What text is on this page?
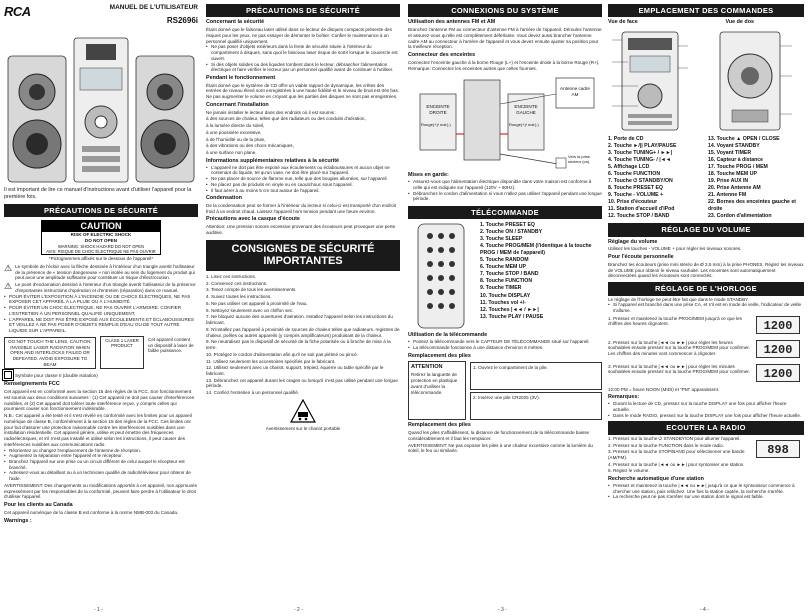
RCA	MANUEL DE L'UTILISATEUR
RS2696i
Il est important de lire ce manuel d'instructions avant d'utiliser l'appareil pour la première fois.
PRÉCAUTIONS DE SÉCURITÉ
CAUTION
RISK OF ELECTRIC SHOCK
DO NOT OPEN
WARNING: SHOCK HAZARD DO NOT OPEN
AVIS: RISQUE DE CHOC ÉLECTRIQUE NE PAS OUVRIR
*Pictogrammes affixés sur le dessous de l'appareil*
⚠ Le symbole de l'éclair avec la flèche dessinée à l'intérieur d'un triangle avertit l'utilisateur de la présence de « tension dangereuse » non isolée au sein du logement du produit qui peut avoir une amplitude suffisante pour constituer un risque d'électrocution.
⚠ Le point d'exclamation dessiné à l'intérieur d'un triangle avertit l'utilisateur de la présence d'importantes instructions d'opération et d'entretien (réparation) dans ce manuel.
• POUR ÉVITER L'EXPOSITION À L'INCENDIE OU DE CHOCS ÉLECTRIQUES, NE PAS EXPOSER CET APPAREIL À LA PLUIE OU À L'HUMIDITÉ.
• POUR ÉVITER UN CHOC ÉLECTRIQUE, NE PAS OUVRIR L'ARMOIRE. CONFIER L'ENTRETIEN À UN PERSONNEL QUALIFIÉ UNIQUEMENT.
• L'APPAREIL NE DOIT PAS ÊTRE EXPOSÉ AUX ÉCOULEMENTS ET ÉCLABOUSSURES ET VEILLEZ À NE PAS POSER D'OBJETS REMPLIS D'EAU OU DE TOUT AUTRE LIQUIDE SUR L'APPAREIL.
DO NOT TOUCH THE LENS. CAUTION: INVISIBLE LASER RADIATION WHEN OPEN AND INTERLOCKS FAILED OR DEFEATED. AVOID EXPOSURE TO BEAM
CLASS 1 LASER PRODUCT
Cet appareil contient un dispositif à laser de faible puissance.
Symbole pour classe II (double isolation)
Renseignements FCC
Cet appareil est en conformité avec la section 15 des règles de la FCC. Son fonctionnement est soumis aux deux conditions suivantes : (1) Cet appareil ne doit pas causer d'interférences nuisibles, et (2) Cet appareil doit tolérer toute interférence reçue, y compris celles qui pourraient causer son fonctionnement indésirable.
N.B.: Cet appareil a été testé et il s'est révélé en conformité avec les limites pour un appareil numérique de classe B, conformément à la section 15 des règles de la FCC. Ces limites ont pour but d'assurer une protection raisonnable contre les interférences nuisibles dans une installation résidentielle. Cet appareil génère, utilise et peut émettre des fréquences radioélectriques, et s'il n'est pas installé et utilisé selon les instructions, il peut causer des interférences nuisibles aux communications radio.
• Réorientez ou changez l'emplacement de l'antenne de réception.
• Augmentez la séparation entre l'appareil et le récepteur.
• Branchez l'appareil sur une prise ou un circuit différent de celui auquel le récepteur est branché.
• Adressez-vous au détaillant ou à un technicien qualifié de radio/téléviseur pour obtenir de l'aide.
AVERTISSEMENT: Des changements ou modifications apportés à cet appareil, non approuvés expressément par les responsables de la conformité, peuvent faire perdre à l'utilisateur le droit d'utiliser l'appareil.
Pour les clients au Canada
Cet appareil numérique de la classe B est conforme à la norme NMB-003 du Canada.
Warnings :
- 1 -
PRÉCAUTIONS DE SÉCURITÉ
Concernant la sécurité
Étant donné que le faisceau laser utilisé dans ce lecteur de disques compacts présente des risques pour les yeux, ne pas essayer de démonter le boîtier. Confier le maintenance à un personnel qualifié uniquement.
• Ne pas poser d'objets extérieurs dans la fente de sécurité située à l'intérieur du compartiment à disques, sans quoi le faisceau laser risque de sortir lorsque le couvercle est ouvert.
• Si des objets solides ou des liquides tombent dans le lecteur, débrancher l'alimentation électrique et faire vérifier le lecteur par un personnel qualifié avant de continuer à l'utiliser.
Pendant le fonctionnement
Étant donné que le système de CD offre un viable rapport de dynamique, les crêtes des entrées de niveau élevé sont enregistrées à une haute fidélité et le niveau de bruit est très bas. Ne pas augmenter le volume en croyant que les parties des disques ne sont pas enregistrées.
Concernant l'installation
Ne jamais installer le lecteur dans des endroits où il est soumis :
à des sources de chaleur, telles que des radiateurs ou des conduits d'aération,
à la lumière directe du soleil,
à une poussière excessive,
à de l'humidité ou de la pluie,
à des vibrations ou des chocs mécaniques,
à une surface non plane.
Informations supplémentaires relatives à la sécurité
• L'appareil ne doit pas être exposé aux écoulements ou éclaboussures et aucun objet ne contenant du liquide, tel qu'un vase, ne doit être placé sur l'appareil.
• Ne pas placer de source de flamme nue, telle que des bougies allumées, sur l'appareil.
• Ne placez pas de produits en vinyle ou en caoutchouc sous l'appareil.
• Il faut aérer à au moins 5 cm tout autour de l'appareil.
Condensation
De la condensation peut se former à l'intérieur du lecteur si celui-ci est transporté d'un endroit froid à un endroit chaud. Laissez l'appareil hors tension pendant une heure environ.
Précautions avec la casque d'écoute
Attention: Une pression sonore excessive provenant des écouteurs peut provoquer une perte auditive.
CONSIGNES DE SÉCURITÉ IMPORTANTES
1. Lisez ces instructions.
2. Conservez ces instructions.
3. Tenez compte de tous les avertissements.
4. Suivez toutes les instructions.
5. Ne pas utiliser cet appareil à proximité de l'eau.
6. Nettoyez seulement avec un chiffon sec.
7. Ne bloquez aucune des ouvertures d'aération. Installez l'appareil selon les instructions du fabricant.
8. N'installez pas l'appareil à proximité de sources de chaleur telles que radiateurs, registres de chaleur, poêles ou autres appareils (y compris amplificateurs) produisant de la chaleur.
9. Ne neutralisez pas le dispositif de sécurité de la fiche polarisée ou à broche de mise à la terre.
10. Protégez le cordon d'alimentation afin qu'il ne soit pas piétiné ou pincé.
11. Utilisez seulement les accessoires spécifiés par le fabricant.
12. Utilisez seulement avec un chariot, support, trépied, équerre ou table spécifié par le fabricant.
13. Débranchez cet appareil durant les orages ou lorsqu'il n'est pas utilisé pendant une longue période.
14. Confiez l'entretien à un personnel qualifié.
Avertissement sur le chariot portable
- 2 -
CONNEXIONS DU SYSTÈME
Utilisation des antennes FM et AM
Branchez l'antenne FM au connecteur d'antenne FM à l'arrière de l'appareil. Déroulez l'antenne et assurez-vous qu'elle est complètement déferlante. Vous devez aussi brancher l'antenne cadre AM au connecteur à l'arrière de l'appareil et vous devez ensuite ajuster sa position pour la meilleure réception.
Connecteur des enceintes
Connectez l'enceinte gauche à la borne Rouge (L+) et l'enceinte droite à la borne Rouge (R+). Remarque: Connectez les enceintes autres que celles fournies.
ENCEINTE DROITE
ENCEINTE GAUCHE
Antenne cadre AM
Rouge(+)/ noir(-)	Rouge(+)/ noir(-)
Vers la prise secteur (ca)
Mises en garde:
• Assurez-vous que l'alimentation électrique disponible dans votre maison est conforme à celle qui est indiquée sur l'appareil (120V ~ 60Hz).
• Débranchez le cordon d'alimentation si vous n'allez pas utiliser l'appareil pendant une longue période.
TÉLÉCOMMANDE
1. Touche PRESET EQ
2. Touche ON / STANDBY
3. Touche SLEEP
4. Touche PROG/MEM (l'identique à la touche PROG / MEM de l'appareil)
5. Touche RANDOM
6. Touche MEM UP
7. Touche STOP / BAND
8. Touche FUNCTION
9. Touche TIMER
10. Touche DISPLAY
11. Touches vol +/-
12. Touches |◄◄ / ►►|
13. Touche PLAY / PAUSE
Utilisation de la télécommande
• Pointez la télécommande vers le CAPTEUR DE TÉLÉCOMMANDE situé sur l'appareil.
• La télécommande fonctionne à une distance d'environ 6 mètres.
Remplacement des piles
ATTENTION
Retirez la languette de protection en plastique avant d'utiliser la télécommande.
1. Ouvrez le compartiment de la pile.
2. Insérez une pile CR2025 (3V).
Remplacement des piles
Quand les piles s'affaiblissent, la distance de fonctionnement de la télécommande baisse considérablement et il faut les remplacer.
AVERTISSEMENT: Ne pas exposer les piles à une chaleur excessive comme la lumière du soleil, le feu ou similaire.
- 3 -
EMPLACEMENT DES COMMANDES
Vue de face	Vue de dos
1. Porte de CD
2. Touche ►/|| PLAY/PAUSE
3. Touche TUNING+ / ►►|
4. Touche TUNING- / |◄◄
5. Affichage LCD
6. Touche FUNCTION
7. Touche ⏻ STANDBY/ON
8. Touche PRESET EQ
9. Touche - VOLUME +
10. Prise d'écouteur
11. Station d'accueil d'iPod
12. Touche STOP / BAND
13. Touche ▲ OPEN / CLOSE
14. Voyant STANDBY
15. Voyant TIMER
16. Capteur à distance
17. Touche PROG / MEM
18. Touche MEM UP
19. Prise AUX IN
20. Prise Antenne AM
21. Antenne FM
22. Bornes des enceintes gauche et droite
23. Cordon d'alimentation
RÉGLAGE DU VOLUME
Réglage du volume
Utilisez les touches - VOLUME + pour régler les niveaux sonores.
Pour l'écoute personnelle
Branchez les écouteurs (prise mini stéréo de Ø 3,5 mm) à la prise PHONES. Réglez les niveaux de VOLUME pour obtenir le niveau souhaité. Les enceintes sont automatiquement déconnectées quand les écouteurs sont connectés.
RÉGLAGE DE L'HORLOGE
Le réglage de l'horloge ne peut être fait que dans le mode STANDBY.
• Si l'appareil est branché dans une prise CA, et s'il est en mode de veille, l'indicateur de veille s'allume.
1. Pressez et maintenez la touche PROG/MEM jusqu'à ce que les chiffres des heures clignotent.	1200
2. Pressez sur la touche |◄◄ ou ►►| pour régler les heures souhaitées ensuite pressez sur la touche PROG/MEM pour confirmer. Les chiffres des minutes vont commencer à clignoter.	1200
3. Pressez sur la touche |◄◄ ou ►►| pour régler les minutes souhaitées ensuite pressez sur la touche PROG/MEM pour confirmer.	1200
12:00 PM = heure NOON (MIDI) et "PM" apparaissent.
Remarques:
• Durant la lecture de CD, pressez sur la touche DISPLAY une fois pour afficher l'heure actuelle.
• Dans le mode RADIO, pressez sur la touche DISPLAY une fois pour afficher l'heure actuelle.
ECOUTER LA RADIO
1. Pressez sur la touche ⏻ STANDBY/ON pour allumer l'appareil.
2. Pressez sur la touche FUNCTION dans le mode radio.
3. Pressez sur la touche STOP/BAND pour sélectionner une bande (AM/FM).
4. Pressez sur la touche |◄◄ ou ►►| pour syntoniser une station.
5. Réglez le volume.
898
Recherche automatique d'une station
• Pressez et maintenez la touche |◄◄ ou ►►| jusqu'à ce que le syntoniseur commence à chercher une station, puis relâchez. Une fois la station captée, la recherche s'arrête.
• La recherche peut ne pas s'arrêter sur une station dont le signal est faible.
- 4 -
